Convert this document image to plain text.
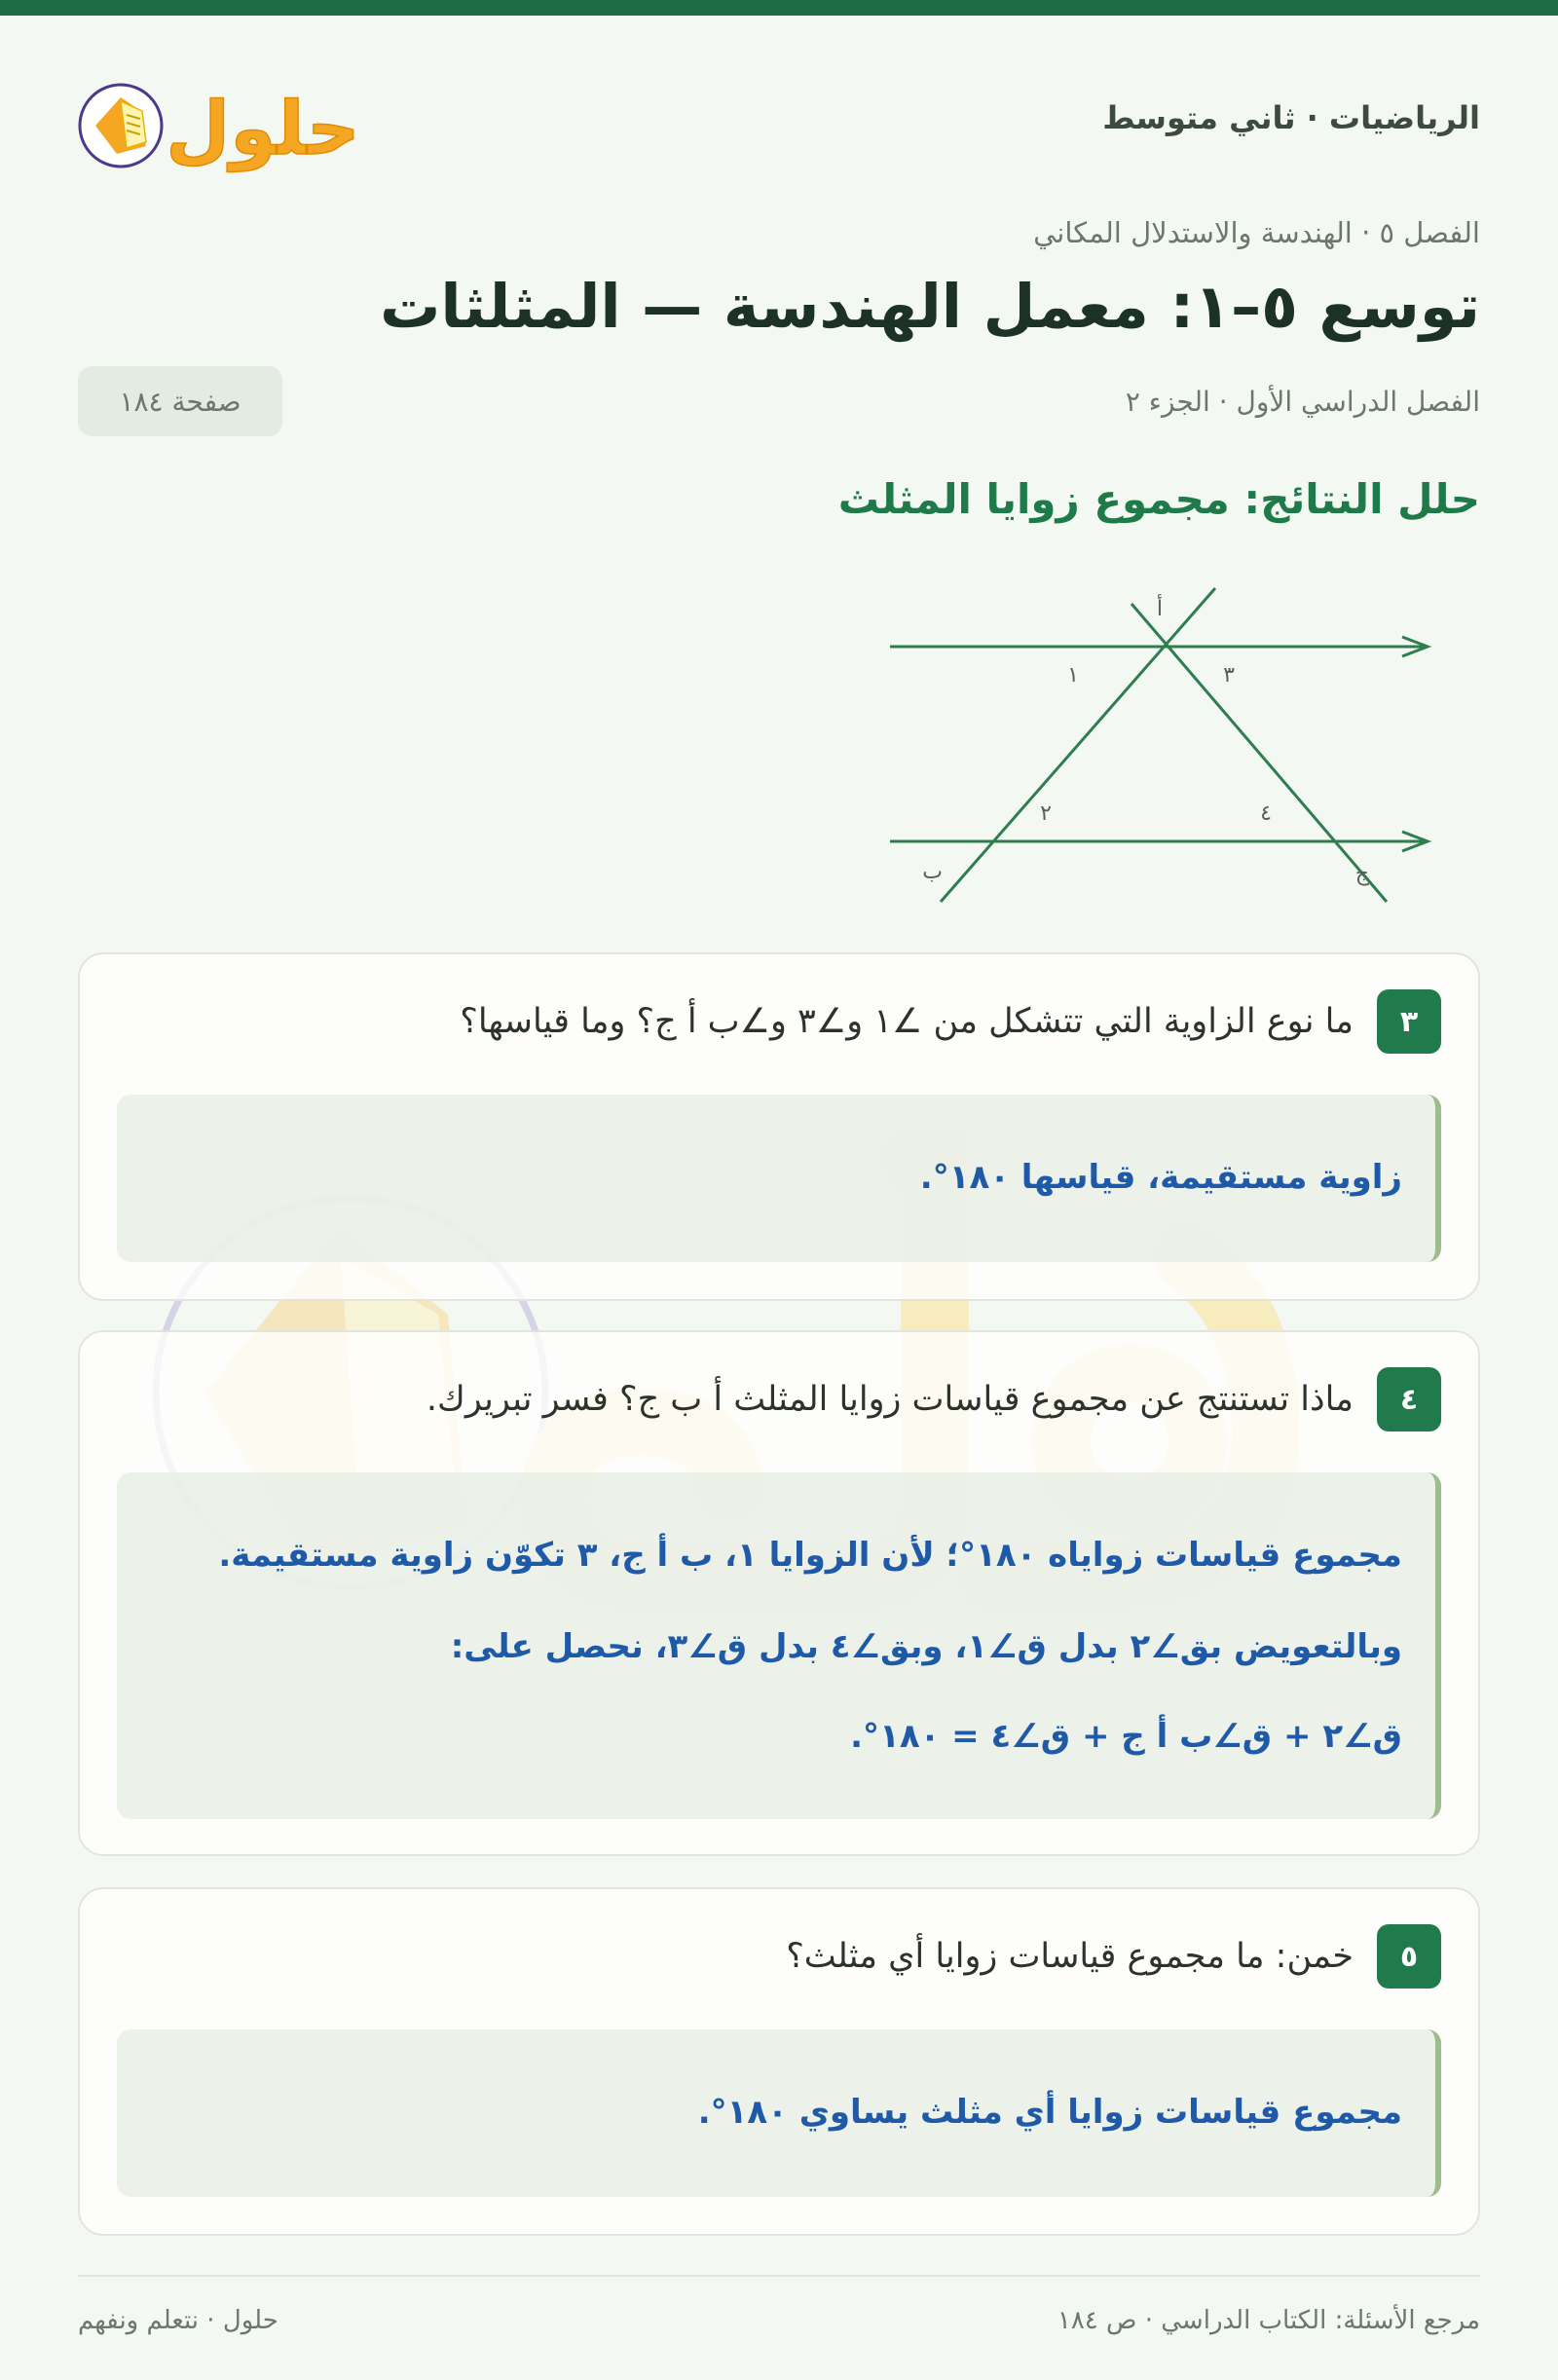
الرياضيات · ثاني متوسط
حلول
الفصل ٥ · الهندسة والاستدلال المكاني
توسع ٥–١: معمل الهندسة — المثلثات
الفصل الدراسي الأول · الجزء ٢
صفحة ١٨٤
حلل النتائج: مجموع زوايا المثلث
أ
ب	ج
١
٢
٣
٤
٣
ما نوع الزاوية التي تتشكل من ∠١ و∠٣ و∠ب أ ج؟ وما قياسها؟
زاوية مستقيمة، قياسها ١٨٠°.
٤
ماذا تستنتج عن مجموع قياسات زوايا المثلث أ ب ج؟ فسر تبريرك.
مجموع قياسات زواياه ١٨٠°؛ لأن الزوايا ١، ب أ ج، ٣ تكوّن زاوية مستقيمة.
وبالتعويض بق∠٢ بدل ق∠١، وبق∠٤ بدل ق∠٣، نحصل على:
ق∠٢ + ق∠ب أ ج + ق∠٤ = ١٨٠°.
٥
خمن: ما مجموع قياسات زوايا أي مثلث؟
مجموع قياسات زوايا أي مثلث يساوي ١٨٠°.
مرجع الأسئلة: الكتاب الدراسي · ص ١٨٤
حلول · نتعلم ونفهم
